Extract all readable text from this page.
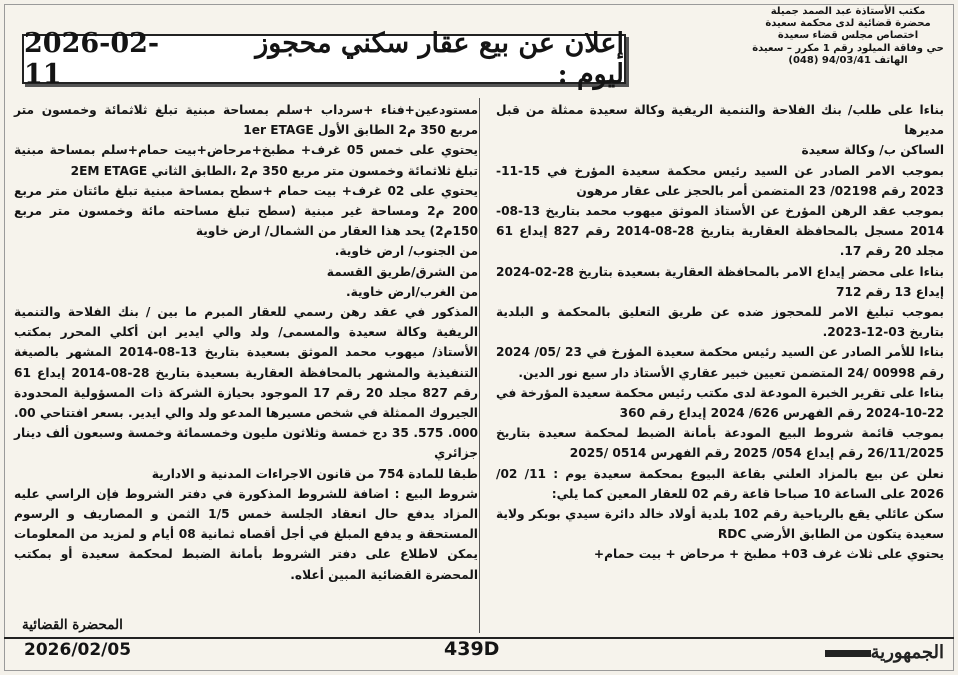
مكتب الأستاذة عبد الصمد جميلة
محضرة قضائية لدى محكمة سعيدة
اختصاص مجلس قضاء سعيدة
حي وفاقة الميلود رقم 1 مكرر – سعيدة
الهاتف 94/03/41 (048)
إعلان عن بيع عقار سكني محجوز ليوم :
2026-02-11

بناءا على طلب/ بنك الفلاحة والتنمية الريفية وكالة سعيدة ممثلة من قبل مديرها

الساكن ب/ وكالة سعيدة

بموجب الامر الصادر عن السيد رئيس محكمة سعيدة المؤرخ في 15-11-2023 رقم 02198/ 23 المتضمن أمر بالحجز على عقار مرهون

بموجب عقد الرهن المؤرخ عن الأستاذ الموثق ميهوب محمد بتاريخ 13-08-2014 مسجل بالمحافظة العقارية بتاريخ 28-08-2014 رقم 827 إيداع 61 مجلد 20 رقم 17.

بناءا على محضر إيداع الامر بالمحافظة العقارية بسعيدة بتاريخ 28-02-2024 إيداع 13 رقم 712

بموجب تبليغ الامر للمحجوز ضده عن طريق التعليق بالمحكمة و البلدية بتاريخ 03-12-2023.

بناءا للأمر الصادر عن السيد رئيس محكمة سعيدة المؤرخ في 23 /05/ 2024 رقم 00998 /24 المتضمن تعيين خبير عقاري الأستاذ دار سبع نور الدين.

بناءا على تقرير الخبرة المودعة لدى مكتب رئيس محكمة سعيدة المؤرخة في 22-10-2024 رقم الفهرس 626/ 2024 إيداع رقم 360

بموجب قائمة شروط البيع المودعة بأمانة الضبط لمحكمة سعيدة بتاريخ 26/11/2025 رقم إيداع 054/ 2025 رقم الفهرس 0514 /2025

نعلن عن بيع بالمزاد العلني بقاعة البيوع بمحكمة سعيدة يوم : 11/ 02/ 2026 على الساعة 10 صباحا قاعة رقم 02 للعقار المعين كما يلي:

سكن عائلي يقع بالرياحية رقم 102 بلدية أولاد خالد دائرة سيدي بوبكر ولاية سعيدة يتكون من الطابق الأرضي RDC

يحتوي على ثلاث غرف 03+ مطبخ + مرحاض + بيت حمام+

مستودعين+فناء +سرداب +سلم بمساحة مبنية تبلغ ثلاثمائة وخمسون متر مربع 350 م2 الطابق الأول 1er ETAGE

يحتوي على خمس 05 غرف+ مطبخ+مرحاض+بيت حمام+سلم بمساحة مبنية تبلغ ثلاثمائة وخمسون متر مربع 350 م2 ،الطابق الثاني 2EM ETAGE

يحتوي على 02 غرف+ بيت حمام +سطح بمساحة مبنية تبلغ مائتان متر مربع 200 م2 ومساحة غير مبنية (سطح تبلغ مساحته مائة وخمسون متر مربع 150م2) يحد هذا العقار من الشمال/ ارض خاوية

من الجنوب/ ارض خاوية.

من الشرق/طريق القسمة

من الغرب/ارض خاوية.

المذكور في عقد رهن رسمي للعقار المبرم ما بين / بنك الفلاحة والتنمية الريفية وكالة سعيدة والمسمى/ ولد والي ايدير ابن أكلي المحرر بمكتب الأستاذ/ ميهوب محمد الموثق بسعيدة بتاريخ 13-08-2014 المشهر بالصيغة التنفيذية والمشهر بالمحافظة العقارية بسعيدة بتاريخ 28-08-2014 إيداع 61 رقم 827 مجلد 20 رقم 17 الموجود بحيازة الشركة ذات المسؤولية المحدودة الجيروك الممثلة في شخص مسيرها المدعو ولد والي ايدير. بسعر افتتاحي 00. 000. 575. 35 دج خمسة وثلاثون مليون وخمسمائة وخمسة وسبعون ألف دينار جزائري

طبقا للمادة 754 من قانون الاجراءات المدنية و الادارية

شروط البيع : اضافة للشروط المذكورة في دفتر الشروط فإن الراسي عليه المزاد يدفع حال انعقاد الجلسة خمس 1/5 الثمن و المصاريف و الرسوم المستحقة و يدفع المبلغ في أجل أقصاه ثمانية 08 أيام و لمزيد من المعلومات يمكن لاطلاع على دفتر الشروط بأمانة الضبط لمحكمة سعيدة أو بمكتب المحضرة القضائية المبين أعلاه.

المحضرة القضائية
2026/02/05	439D	الجمهورية
